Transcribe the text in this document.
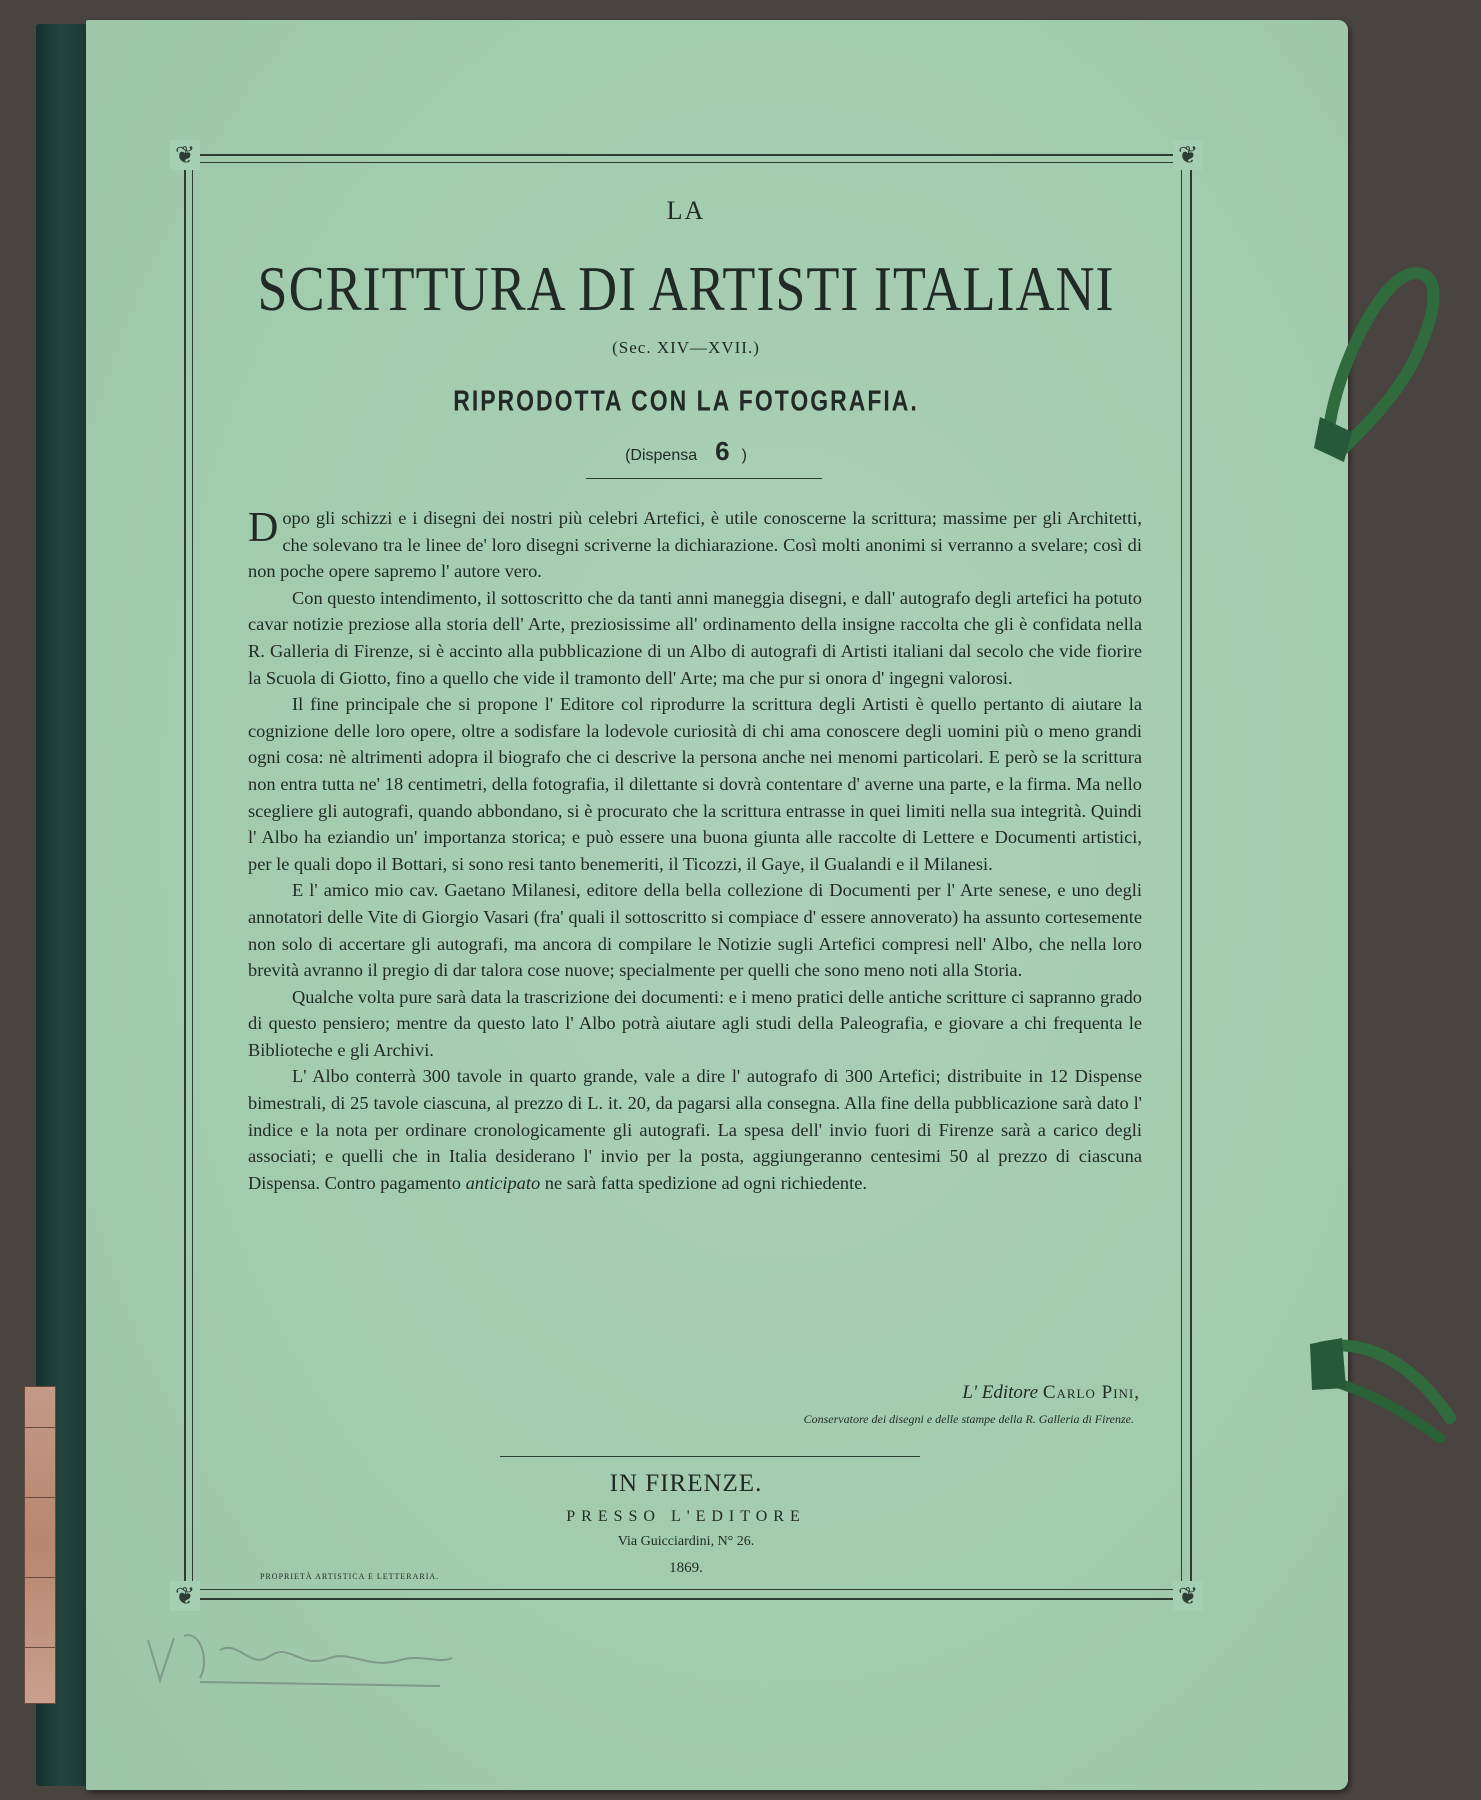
❦	❦
❦	❦
LA
SCRITTURA DI ARTISTI ITALIANI
(Sec. XIV—XVII.)
RIPRODOTTA CON LA FOTOGRAFIA.
(Dispensa 6 )

Dopo gli schizzi e i disegni dei nostri più celebri Artefici, è utile conoscerne la scrittura; massime per gli Architetti, che solevano tra le linee de' loro disegni scriverne la dichiarazione. Così molti anonimi si verranno a svelare; così di non poche opere sapremo l' autore vero.

Con questo intendimento, il sottoscritto che da tanti anni maneggia disegni, e dall' autografo degli artefici ha potuto cavar notizie preziose alla storia dell' Arte, preziosissime all' ordinamento della insigne raccolta che gli è confidata nella R. Galleria di Firenze, si è accinto alla pubblicazione di un Albo di autografi di Artisti italiani dal secolo che vide fiorire la Scuola di Giotto, fino a quello che vide il tramonto dell' Arte; ma che pur si onora d' ingegni valorosi.

Il fine principale che si propone l' Editore col riprodurre la scrittura degli Artisti è quello pertanto di aiutare la cognizione delle loro opere, oltre a sodisfare la lodevole curiosità di chi ama conoscere degli uomini più o meno grandi ogni cosa: nè altrimenti adopra il biografo che ci descrive la persona anche nei menomi particolari. E però se la scrittura non entra tutta ne' 18 centimetri, della fotografia, il dilettante si dovrà contentare d' averne una parte, e la firma. Ma nello scegliere gli autografi, quando abbondano, si è procurato che la scrittura entrasse in quei limiti nella sua integrità. Quindi l' Albo ha eziandio un' importanza storica; e può essere una buona giunta alle raccolte di Lettere e Documenti artistici, per le quali dopo il Bottari, si sono resi tanto benemeriti, il Ticozzi, il Gaye, il Gualandi e il Milanesi.

E l' amico mio cav. Gaetano Milanesi, editore della bella collezione di Documenti per l' Arte senese, e uno degli annotatori delle Vite di Giorgio Vasari (fra' quali il sottoscritto si compiace d' essere annoverato) ha assunto cortesemente non solo di accertare gli autografi, ma ancora di compilare le Notizie sugli Artefici compresi nell' Albo, che nella loro brevità avranno il pregio di dar talora cose nuove; specialmente per quelli che sono meno noti alla Storia.

Qualche volta pure sarà data la trascrizione dei documenti: e i meno pratici delle antiche scritture ci sapranno grado di questo pensiero; mentre da questo lato l' Albo potrà aiutare agli studi della Paleografia, e giovare a chi frequenta le Biblioteche e gli Archivi.

L' Albo conterrà 300 tavole in quarto grande, vale a dire l' autografo di 300 Artefici; distribuite in 12 Dispense bimestrali, di 25 tavole ciascuna, al prezzo di L. it. 20, da pagarsi alla consegna. Alla fine della pubblicazione sarà dato l' indice e la nota per ordinare cronologicamente gli autografi. La spesa dell' invio fuori di Firenze sarà a carico degli associati; e quelli che in Italia desiderano l' invio per la posta, aggiungeranno centesimi 50 al prezzo di ciascuna Dispensa. Contro pagamento anticipato ne sarà fatta spedizione ad ogni richiedente.

L' Editore Carlo Pini,
Conservatore dei disegni e delle stampe della R. Galleria di Firenze.
IN FIRENZE.
PRESSO L'EDITORE
Via Guicciardini, N° 26.
1869.
PROPRIETÀ ARTISTICA E LETTERARIA.
